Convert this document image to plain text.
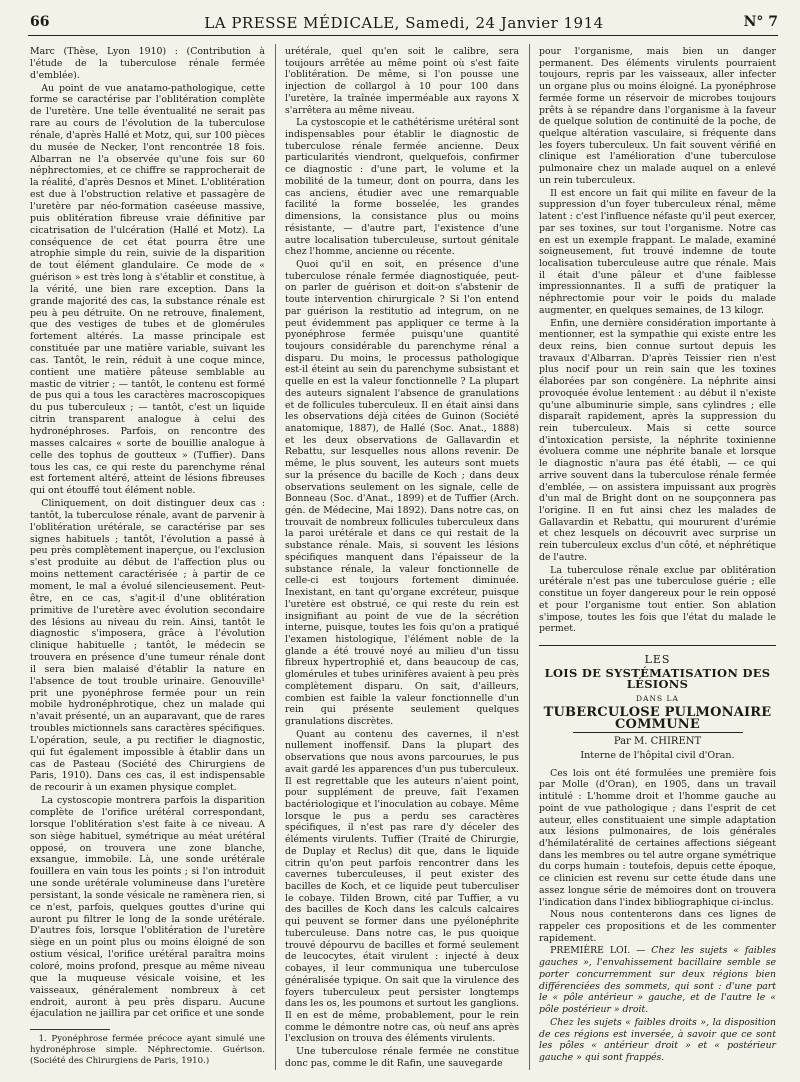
66	LA PRESSE MÉDICALE, Samedi, 24 Janvier 1914	N° 7

Marc (Thèse, Lyon 1910) : (Contribution à l'étude de la tuberculose rénale fermée d'emblée).

Au point de vue anatamo-pathologique, cette forme se caractérise par l'oblitération complète de l'uretère. Une telle éventualité ne serait pas rare au cours de l'évolution de la tuberculose rénale, d'après Hallé et Motz, qui, sur 100 pièces du musée de Necker, l'ont rencontrée 18 fois. Albarran ne l'a observée qu'une fois sur 60 néphrectomies, et ce chiffre se rapprocherait de la réalité, d'après Desnos et Minet. L'oblitération est due à l'obstruction relative et passagère de l'uretère par néo-formation caséeuse massive, puis oblitération fibreuse vraie définitive par cicatrisation de l'ulcération (Hallé et Motz). La conséquence de cet état pourra être une atrophie simple du rein, suivie de la disparition de tout élément glandulaire. Ce mode de « guérison » est très long à s'établir et constitue, à la vérité, une bien rare exception. Dans la grande majorité des cas, la substance rénale est peu à peu détruite. On ne retrouve, finalement, que des vestiges de tubes et de glomérules fortement altérés. La masse principale est constituée par une matière variable, suivant les cas. Tantôt, le rein, réduit à une coque mince, contient une matière pâteuse semblable au mastic de vitrier ; — tantôt, le contenu est formé de pus qui a tous les caractères macroscopiques du pus tuberculeux ; — tantôt, c'est un liquide citrin transparent analogue à celui des hydronéphroses. Parfois, on rencontre des masses calcaires « sorte de bouillie analogue à celle des tophus de goutteux » (Tuffier). Dans tous les cas, ce qui reste du parenchyme rénal est fortement altéré, atteint de lésions fibreuses qui ont étouffé tout élément noble.

Cliniquement, on doit distinguer deux cas : tantôt, la tuberculose rénale, avant de parvenir à l'oblitération urétérale, se caractérise par ses signes habituels ; tantôt, l'évolution a passé à peu près complètement inaperçue, ou l'exclusion s'est produite au début de l'affection plus ou moins nettement caractérisée ; à partir de ce moment, le mal a évolué silencieusement. Peut-être, en ce cas, s'agit-il d'une oblitération primitive de l'uretère avec évolution secondaire des lésions au niveau du rein. Ainsi, tantôt le diagnostic s'imposera, grâce à l'évolution clinique habituelle ; tantôt, le médecin se trouvera en présence d'une tumeur rénale dont il sera bien malaisé d'établir la nature en l'absence de tout trouble urinaire. Genouville¹ prit une pyonéphrose fermée pour un rein mobile hydronéphrotique, chez un malade qui n'avait présenté, un an auparavant, que de rares troubles mictionnels sans caractères spécifiques. L'opération, seule, a pu rectifier le diagnostic, qui fut également impossible à établir dans un cas de Pasteau (Société des Chirurgiens de Paris, 1910). Dans ces cas, il est indispensable de recourir à un examen physique complet.

La cystoscopie montrera parfois la disparition complète de l'orifice urétéral correspondant, lorsque l'oblitération s'est faite à ce niveau. A son siège habituel, symétrique au méat urétéral opposé, on trouvera une zone blanche, exsangue, immobile. Là, une sonde urétérale fouillera en vain tous les points ; si l'on introduit une sonde urétérale volumineuse dans l'uretère persistant, la sonde vésicale ne ramènera rien, si ce n'est, parfois, quelques gouttes d'urine qui auront pu filtrer le long de la sonde urétérale. D'autres fois, lorsque l'oblitération de l'uretère siège en un point plus ou moins éloigné de son ostium vésical, l'orifice urétéral paraîtra moins coloré, moins profond, presque au même niveau que la muqueuse vésicale voisine, et les vaisseaux, généralement nombreux à cet endroit, auront à peu près disparu. Aucune éjaculation ne jaillira par cet orifice et une sonde

1. Pyonéphrose fermée précoce ayant simulé une hydronéphrose simple. Néphrectomie. Guérison. (Société des Chirurgiens de Paris, 1910.)

urétérale, quel qu'en soit le calibre, sera toujours arrêtée au même point où s'est faite l'oblitération. De même, si l'on pousse une injection de collargol à 10 pour 100 dans l'uretère, la traînée imperméable aux rayons X s'arrêtera au même niveau.

La cystoscopie et le cathétérisme urétéral sont indispensables pour établir le diagnostic de tuberculose rénale fermée ancienne. Deux particularités viendront, quelquefois, confirmer ce diagnostic : d'une part, le volume et la mobilité de la tumeur, dont on pourra, dans les cas anciens, étudier avec une remarquable facilité la forme bosselée, les grandes dimensions, la consistance plus ou moins résistante, — d'autre part, l'existence d'une autre localisation tuberculeuse, surtout génitale chez l'homme, ancienne ou récente.

Quoi qu'il en soit, en présence d'une tuberculose rénale fermée diagnostiquée, peut-on parler de guérison et doit-on s'abstenir de toute intervention chirurgicale ? Si l'on entend par guérison la restitutio ad integrum, on ne peut évidemment pas appliquer ce terme à la pyonéphrose fermée puisqu'une quantité toujours considérable du parenchyme rénal a disparu. Du moins, le processus pathologique est-il éteint au sein du parenchyme subsistant et quelle en est la valeur fonctionnelle ? La plupart des auteurs signalent l'absence de granulations et de follicules tuberculeux. Il en était ainsi dans les observations déjà citées de Guinon (Société anatomique, 1887), de Hallé (Soc. Anat., 1888) et les deux observations de Gallavardin et Rebattu, sur lesquelles nous allons revenir. De même, le plus souvent, les auteurs sont muets sur la présence du bacille de Koch ; dans deux observations seulement on les signale, celle de Bonneau (Soc. d'Anat., 1899) et de Tuffier (Arch. gén. de Médecine, Mai 1892). Dans notre cas, on trouvait de nombreux follicules tuberculeux dans la paroi urétérale et dans ce qui restait de la substance rénale. Mais, si souvent les lésions spécifiques manquent dans l'épaisseur de la substance rénale, la valeur fonctionnelle de celle-ci est toujours fortement diminuée. Inexistant, en tant qu'organe excréteur, puisque l'uretère est obstrué, ce qui reste du rein est insignifiant au point de vue de la sécrétion interne, puisque, toutes les fois qu'on a pratiqué l'examen histologique, l'élément noble de la glande a été trouvé noyé au milieu d'un tissu fibreux hypertrophié et, dans beaucoup de cas, glomérules et tubes urinifères avaient à peu près complètement disparu. On sait, d'ailleurs, combien est faible la valeur fonctionnelle d'un rein qui présente seulement quelques granulations discrètes.

Quant au contenu des cavernes, il n'est nullement inoffensif. Dans la plupart des observations que nous avons parcourues, le pus avait gardé les apparences d'un pus tuberculeux. Il est regrettable que les auteurs n'aient point, pour supplément de preuve, fait l'examen bactériologique et l'inoculation au cobaye. Même lorsque le pus a perdu ses caractères spécifiques, il n'est pas rare d'y déceler des éléments virulents. Tuffier (Traité de Chirurgie, de Duplay et Reclus) dit que, dans le liquide citrin qu'on peut parfois rencontrer dans les cavernes tuberculeuses, il peut exister des bacilles de Koch, et ce liquide peut tuberculiser le cobaye. Tilden Brown, cité par Tuffier, a vu des bacilles de Koch dans les calculs calcaires qui peuvent se former dans une pyélonéphrite tuberculeuse. Dans notre cas, le pus quoique trouvé dépourvu de bacilles et formé seulement de leucocytes, était virulent : injecté à deux cobayes, il leur communiqua une tuberculose généralisée typique. On sait que la virulence des foyers tuberculeux peut persister longtemps dans les os, les poumons et surtout les ganglions. Il en est de même, probablement, pour le rein comme le démontre notre cas, où neuf ans après l'exclusion on trouva des éléments virulents.

Une tuberculose rénale fermée ne constitue donc pas, comme le dit Rafin, une sauvegarde

pour l'organisme, mais bien un danger permanent. Des éléments virulents pourraient toujours, repris par les vaisseaux, aller infecter un organe plus ou moins éloigné. La pyonéphrose fermée forme un réservoir de microbes toujours prêts à se répandre dans l'organisme à la faveur de quelque solution de continuité de la poche, de quelque altération vasculaire, si fréquente dans les foyers tuberculeux. Un fait souvent vérifié en clinique est l'amélioration d'une tuberculose pulmonaire chez un malade auquel on a enlevé un rein tuberculeux.

Il est encore un fait qui milite en faveur de la suppression d'un foyer tuberculeux rénal, même latent : c'est l'influence néfaste qu'il peut exercer, par ses toxines, sur tout l'organisme. Notre cas en est un exemple frappant. Le malade, examiné soigneusement, fut trouvé indemne de toute localisation tuberculeuse autre que rénale. Mais il était d'une pâleur et d'une faiblesse impressionnantes. Il a suffi de pratiquer la néphrectomie pour voir le poids du malade augmenter, en quelques semaines, de 13 kilogr.

Enfin, une dernière considération importante à mentionner, est la sympathie qui existe entre les deux reins, bien connue surtout depuis les travaux d'Albarran. D'après Teissier rien n'est plus nocif pour un rein sain que les toxines élaborées par son congénère. La néphrite ainsi provoquée évolue lentement : au début il n'existe qu'une albuminurie simple, sans cylindres ; elle disparaît rapidement, après la suppression du rein tuberculeux. Mais si cette source d'intoxication persiste, la néphrite toxinienne évoluera comme une néphrite banale et lorsque le diagnostic n'aura pas été établi, — ce qui arrive souvent dans la tuberculose rénale fermée d'emblée, — on assistera impuissant aux progrès d'un mal de Bright dont on ne soupçonnera pas l'origine. Il en fut ainsi chez les malades de Gallavardin et Rebattu, qui moururent d'urémie et chez lesquels on découvrit avec surprise un rein tuberculeux exclus d'un côté, et néphrétique de l'autre.

La tuberculose rénale exclue par oblitération urétérale n'est pas une tuberculose guérie ; elle constitue un foyer dangereux pour le rein opposé et pour l'organisme tout entier. Son ablation s'impose, toutes les fois que l'état du malade le permet.

LES
LOIS DE SYSTÉMATISATION DES LÉSIONS
DANS LA
TUBERCULOSE PULMONAIRE COMMUNE
Par M. CHIRENT
Interne de l'hôpital civil d'Oran.

Ces lois ont été formulées une première fois par Molle (d'Oran), en 1905, dans un travail intitulé : L'homme droit et l'homme gauche au point de vue pathologique ; dans l'esprit de cet auteur, elles constituaient une simple adaptation aux lésions pulmonaires, de lois générales d'hémilatéralité de certaines affections siégeant dans les membres ou tel autre organe symétrique du corps humain : toutefois, depuis cette époque, ce clinicien est revenu sur cette étude dans une assez longue série de mémoires dont on trouvera l'indication dans l'index bibliographique ci-inclus.

Nous nous contenterons dans ces lignes de rappeler ces propositions et de les commenter rapidement.

PREMIÈRE LOI. — Chez les sujets « faibles gauches », l'envahissement bacillaire semble se porter concurremment sur deux régions bien différenciées des sommets, qui sont : d'une part le « pôle antérieur » gauche, et de l'autre le « pôle postérieur » droit.

Chez les sujets « faibles droits », la disposition de ces régions est inversée, à savoir que ce sont les pôles « antérieur droit » et « postérieur gauche » qui sont frappés.
